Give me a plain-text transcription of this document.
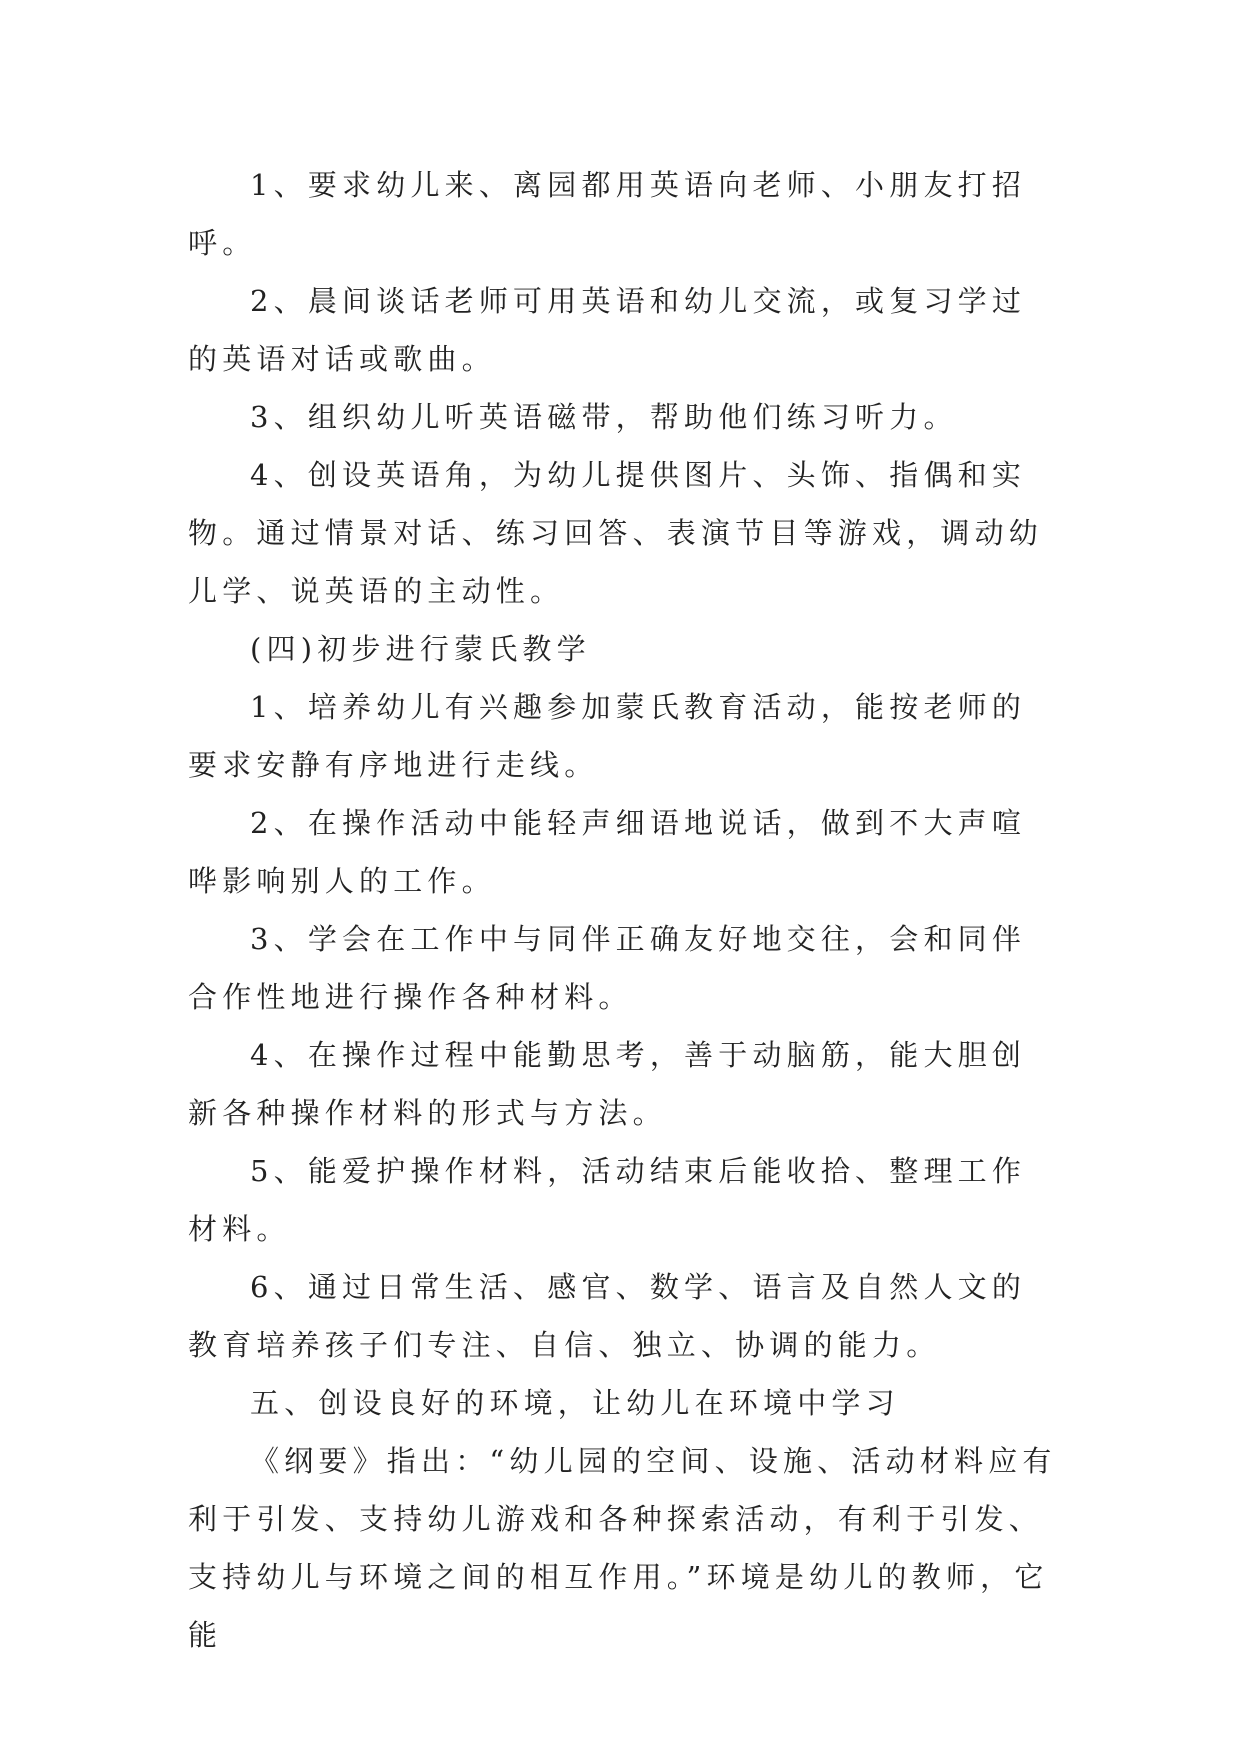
1、要求幼儿来、离园都用英语向老师、小朋友打招呼。

2、晨间谈话老师可用英语和幼儿交流，或复习学过的英语对话或歌曲。

3、组织幼儿听英语磁带，帮助他们练习听力。

4、创设英语角，为幼儿提供图片、头饰、指偶和实物。通过情景对话、练习回答、表演节目等游戏，调动幼儿学、说英语的主动性。

(四)初步进行蒙氏教学

1、培养幼儿有兴趣参加蒙氏教育活动，能按老师的要求安静有序地进行走线。

2、在操作活动中能轻声细语地说话，做到不大声喧哗影响别人的工作。

3、学会在工作中与同伴正确友好地交往，会和同伴合作性地进行操作各种材料。

4、在操作过程中能勤思考，善于动脑筋，能大胆创新各种操作材料的形式与方法。

5、能爱护操作材料，活动结束后能收拾、整理工作材料。

6、通过日常生活、感官、数学、语言及自然人文的教育培养孩子们专注、自信、独立、协调的能力。

五、创设良好的环境，让幼儿在环境中学习

《纲要》指出：“幼儿园的空间、设施、活动材料应有利于引发、支持幼儿游戏和各种探索活动，有利于引发、支持幼儿与环境之间的相互作用。”环境是幼儿的教师，它能
